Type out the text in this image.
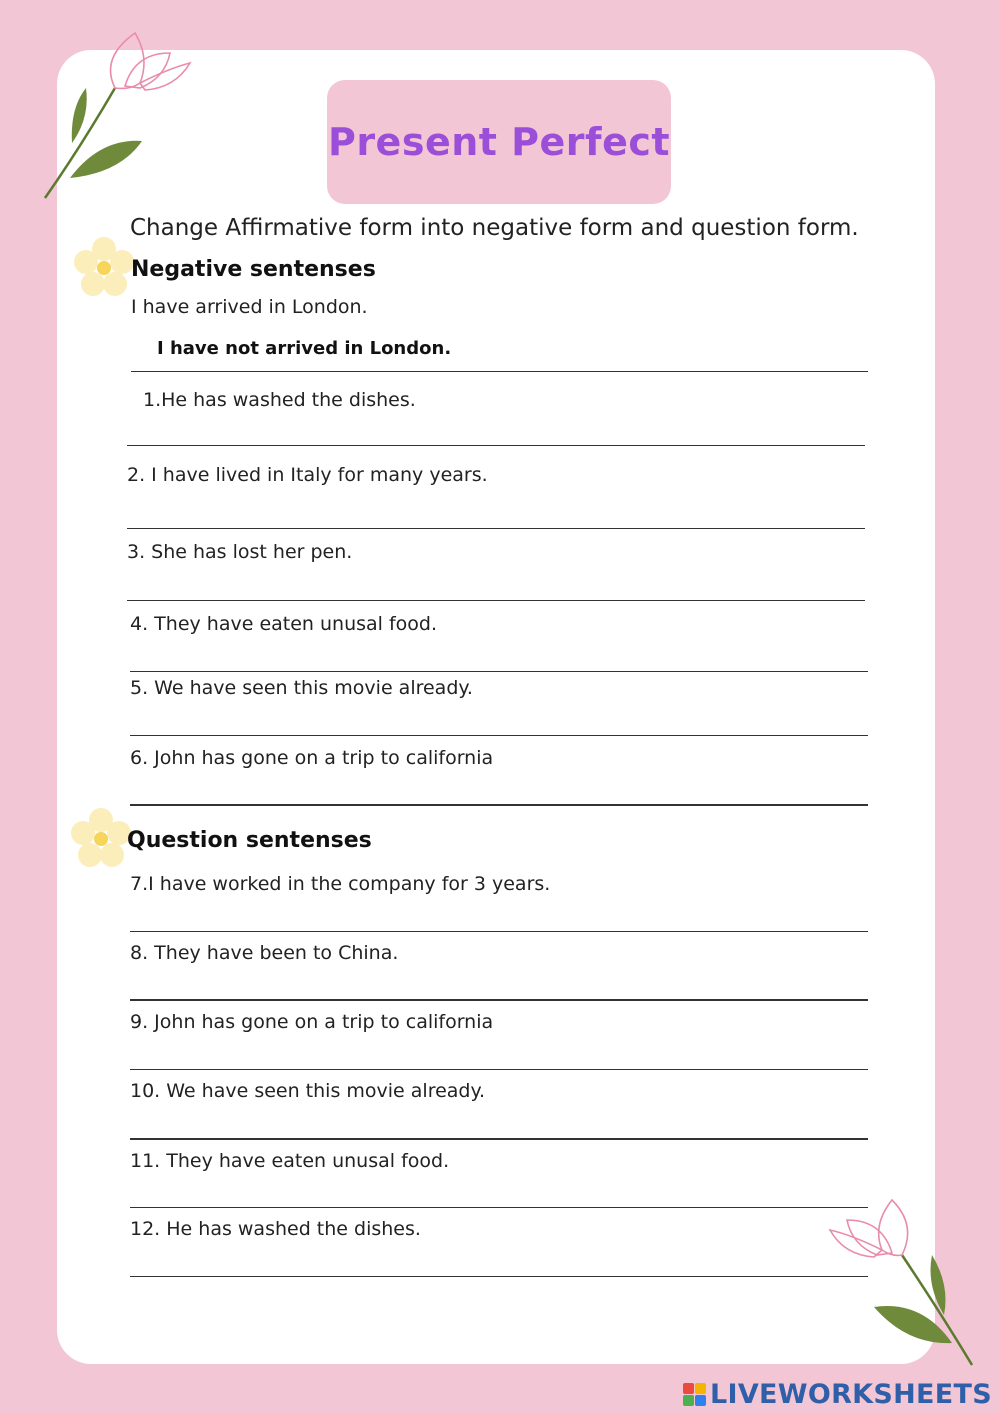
Present Perfect
Change Affirmative form into negative form and question form.
Negative sentenses
I have arrived in London.
I have not arrived in London.
1.He has washed the dishes.
2. I have lived in Italy for many years.
3. She has lost her pen.
4. They have eaten unusal food.
5. We have seen this movie already.
6. John has gone on a trip to california
Question sentenses
7.I have worked in the company for 3 years.
8. They have been to China.
9. John has gone on a trip to california
10. We have seen this movie already.
11. They have eaten unusal food.
12. He has washed the dishes.
LIVEWORKSHEETS
